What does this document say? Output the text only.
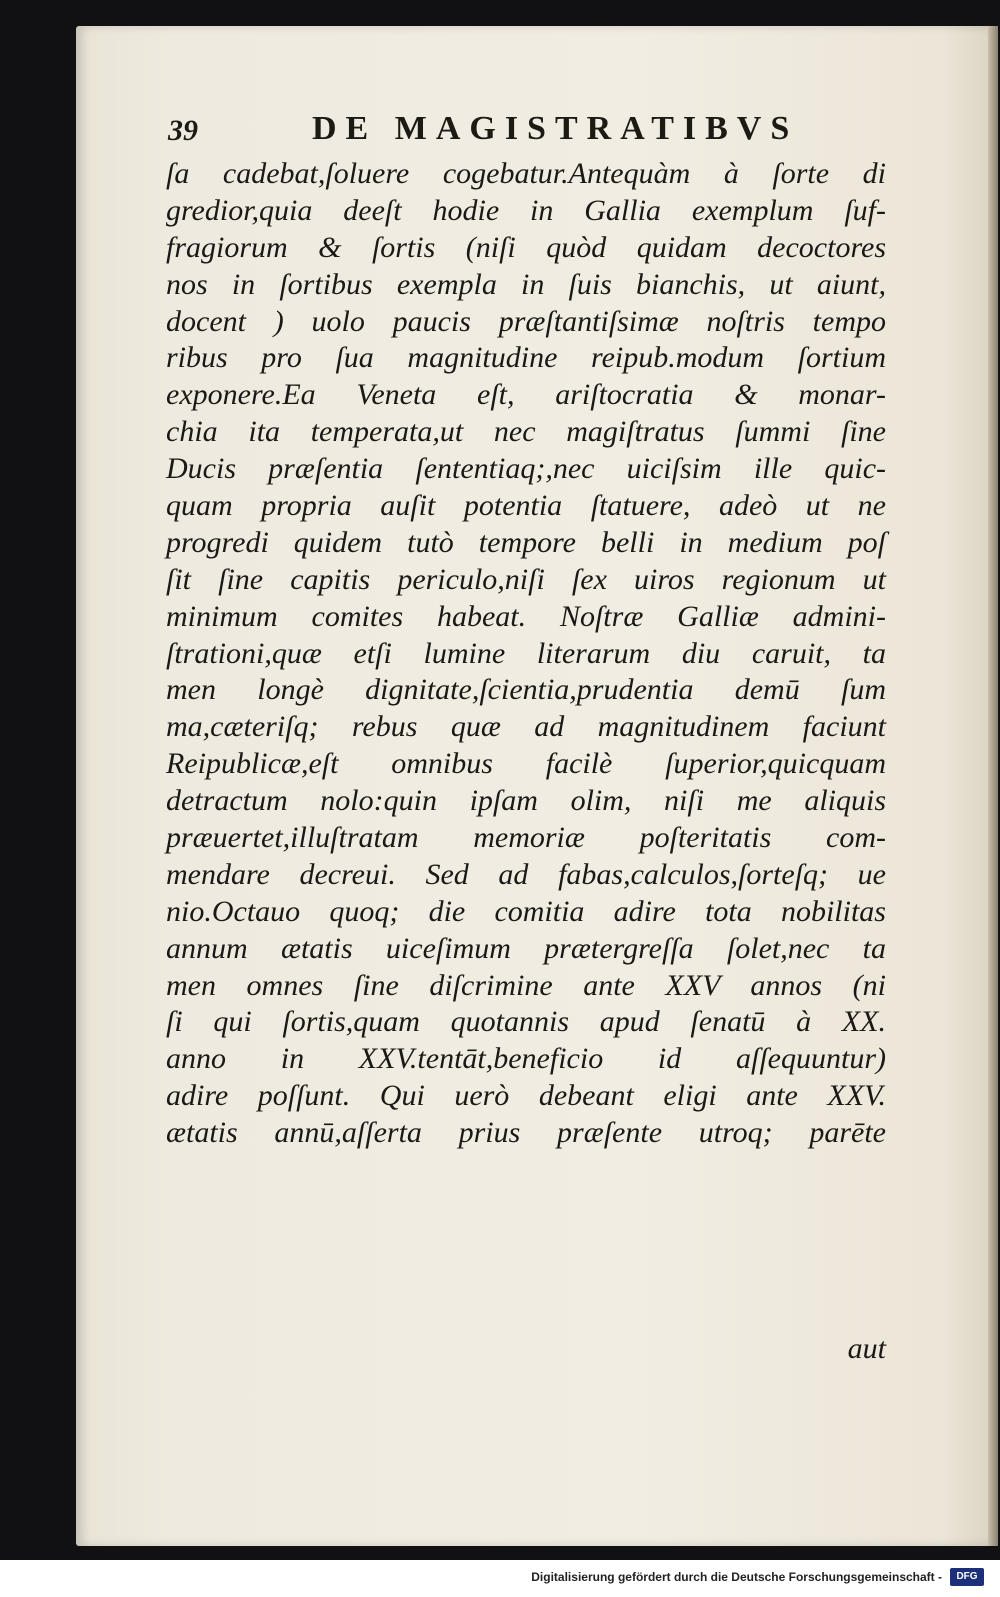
39	DE MAGISTRATIBVS
ſa cadebat,ſoluere cogebatur.Antequàm à ſorte di
gredior,quia deeſt hodie in Gallia exemplum ſuf-
fragiorum & ſortis (niſi quòd quidam decoctores
nos in ſortibus exempla in ſuis bianchis, ut aiunt,
docent ) uolo paucis præſtantiſsimæ noſtris tempo
ribus pro ſua magnitudine reipub.modum ſortium
exponere.Ea Veneta eſt, ariſtocratia & monar-
chia ita temperata,ut nec magiſtratus ſummi ſine
Ducis præſentia ſententiaq;,nec uiciſsim ille quic-
quam propria auſit potentia ſtatuere, adeò ut ne
progredi quidem tutò tempore belli in medium poſ
ſit ſine capitis periculo,niſi ſex uiros regionum ut
minimum comites habeat. Noſtræ Galliæ admini-
ſtrationi,quæ etſi lumine literarum diu caruit, ta
men longè dignitate,ſcientia,prudentia demū ſum
ma,cæteriſq; rebus quæ ad magnitudinem faciunt
Reipublicæ,eſt omnibus facilè ſuperior,quicquam
detractum nolo:quin ipſam olim, niſi me aliquis
præuertet,illuſtratam memoriæ poſteritatis com-
mendare decreui. Sed ad fabas,calculos,ſorteſq; ue
nio.Octauo quoq; die comitia adire tota nobilitas
annum ætatis uiceſimum prætergreſſa ſolet,nec ta
men omnes ſine diſcrimine ante XXV annos (ni
ſi qui ſortis,quam quotannis apud ſenatū à XX.
anno in XXV.tentāt,beneficio id aſſequuntur)
adire poſſunt. Qui uerò debeant eligi ante XXV.
ætatis annū,aſſerta prius præſente utroq; parēte
aut
Digitalisierung gefördert durch die Deutsche Forschungsgemeinschaft -	DFG
